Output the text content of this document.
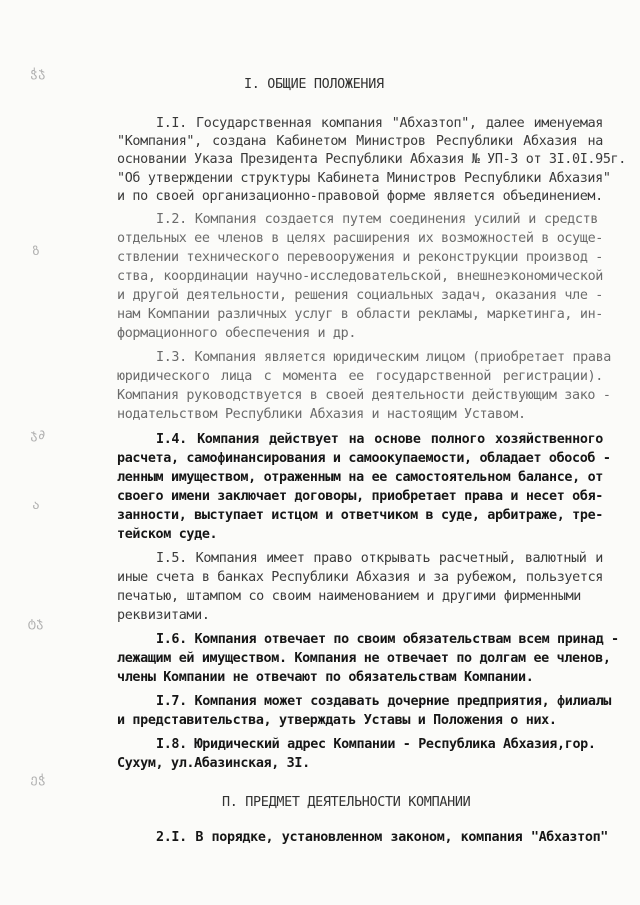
ჭჯ
ზ
ჯ∂
ა
ტჯ
ეჭ
I. ОБЩИЕ ПОЛОЖЕНИЯ
I.I. Государственная компания "Абхазтоп", далее именуемая
"Компания", создана Кабинетом Министров Республики Абхазия на
основании Указа Президента Республики Абхазия № УП-3 от 3I.0I.95г.
"Об утверждении структуры Кабинета Министров Республики Абхазия"
и по своей организационно-правовой форме является объединением.
I.2. Компания создается путем соединения усилий и средств
отдельных ее членов в целях расширения их возможностей в осуще-
ствлении технического перевооружения и реконструкции производ -
ства, координации научно-исследовательской, внешнеэкономической
и другой деятельности, решения социальных задач, оказания чле -
нам Компании различных услуг в области рекламы, маркетинга, ин-
формационного обеспечения и др.
I.3. Компания является юридическим лицом (приобретает права
юридического лица с момента ее государственной регистрации).
Компания руководствуется в своей деятельности действующим зако -
нодательством Республики Абхазия и настоящим Уставом.
I.4. Компания действует на основе полного хозяйственного
расчета, самофинансирования и самоокупаемости, обладает обособ -
ленным имуществом, отраженным на ее самостоятельном балансе, от
своего имени заключает договоры, приобретает права и несет обя-
занности, выступает истцом и ответчиком в суде, арбитраже, тре-
тейском суде.
I.5. Компания имеет право открывать расчетный, валютный и
иные счета в банках Республики Абхазия и за рубежом, пользуется
печатью, штампом со своим наименованием и другими фирменными
реквизитами.
I.6. Компания отвечает по своим обязательствам всем принад -
лежащим ей имуществом. Компания не отвечает по долгам ее членов,
члены Компании не отвечают по обязательствам Компании.
I.7. Компания может создавать дочерние предприятия, филиалы
и представительства, утверждать Уставы и Положения о них.
I.8. Юридический адрес Компании - Республика Абхазия,гор.
Сухум, ул.Абазинская, 3I.
П. ПРЕДМЕТ ДЕЯТЕЛЬНОСТИ КОМПАНИИ
2.I. В порядке, установленном законом, компания "Абхазтоп"
